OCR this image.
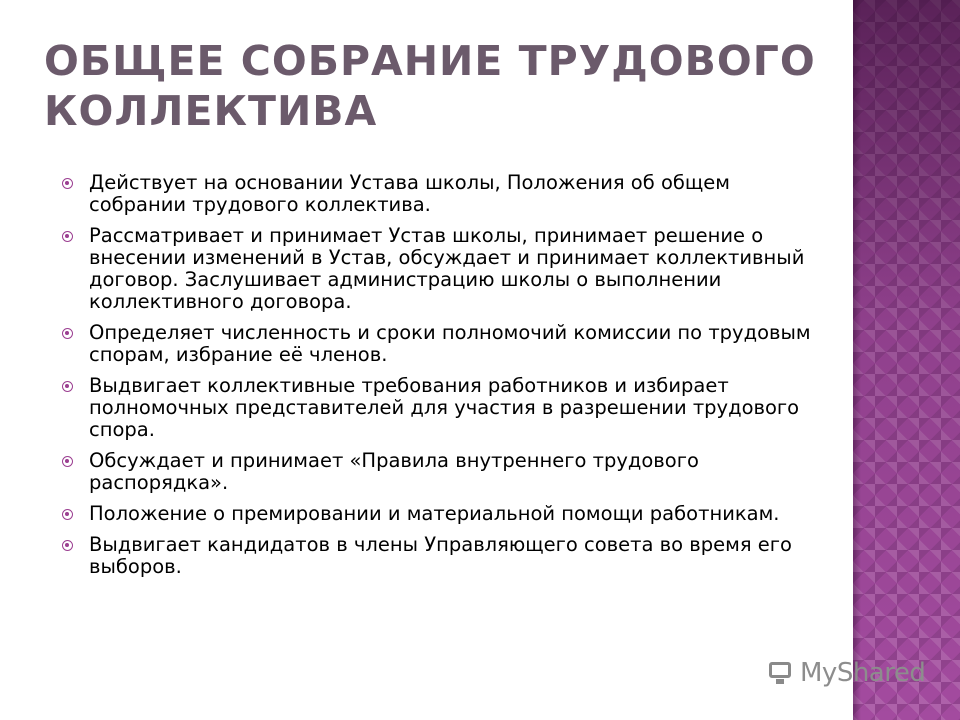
ОБЩЕЕ СОБРАНИЕ ТРУДОВОГО КОЛЛЕКТИВА
Действует на основании Устава школы, Положения об общем собрании трудового коллектива.
Рассматривает и принимает Устав школы, принимает решение о внесении изменений в Устав, обсуждает и принимает коллективный договор. Заслушивает администрацию школы о выполнении коллективного договора.
Определяет численность и сроки полномочий комиссии по трудовым спорам, избрание её членов.
Выдвигает коллективные требования работников и избирает полномочных представителей для участия в разрешении трудового спора.
Обсуждает и принимает «Правила внутреннего трудового распорядка».
Положение о премировании и материальной помощи работникам.
Выдвигает кандидатов в члены Управляющего совета во время его выборов.
MyShared
